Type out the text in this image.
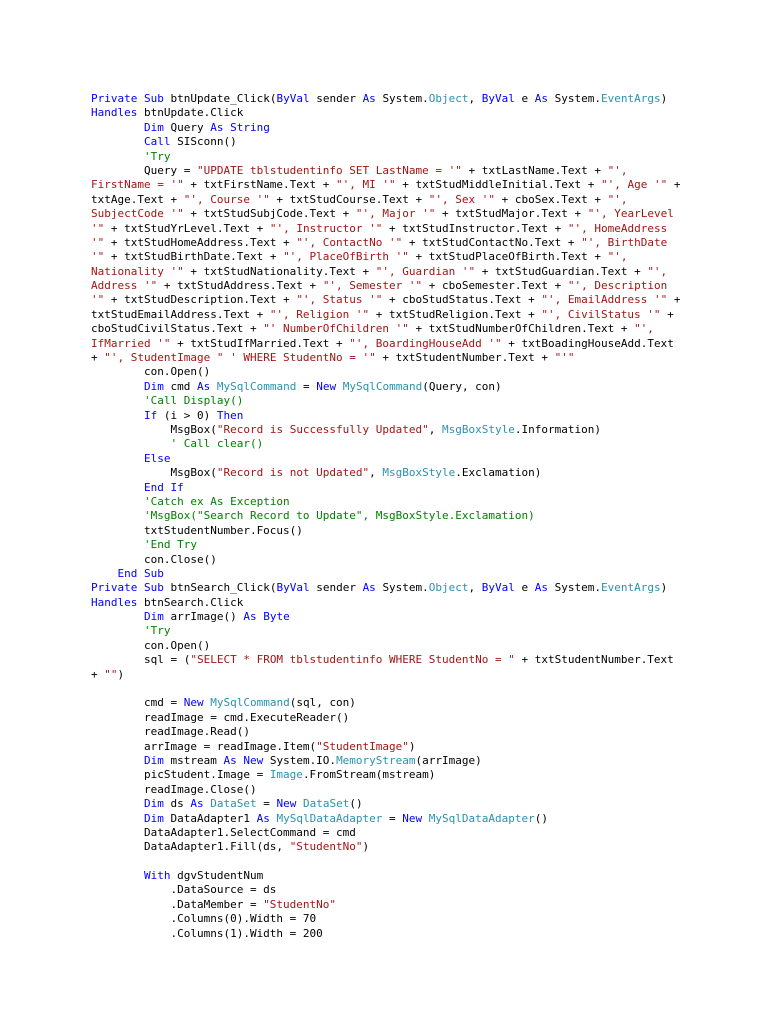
Private Sub btnUpdate_Click(ByVal sender As System.Object, ByVal e As System.EventArgs)
Handles btnUpdate.Click
Dim Query As String
Call SISconn()
'Try
Query = "UPDATE tblstudentinfo SET LastName = '" + txtLastName.Text + "',
FirstName = '" + txtFirstName.Text + "', MI '" + txtStudMiddleInitial.Text + "', Age '" +
txtAge.Text + "', Course '" + txtStudCourse.Text + "', Sex '" + cboSex.Text + "',
SubjectCode '" + txtStudSubjCode.Text + "', Major '" + txtStudMajor.Text + "', YearLevel
'" + txtStudYrLevel.Text + "', Instructor '" + txtStudInstructor.Text + "', HomeAddress
'" + txtStudHomeAddress.Text + "', ContactNo '" + txtStudContactNo.Text + "', BirthDate
'" + txtStudBirthDate.Text + "', PlaceOfBirth '" + txtStudPlaceOfBirth.Text + "',
Nationality '" + txtStudNationality.Text + "', Guardian '" + txtStudGuardian.Text + "',
Address '" + txtStudAddress.Text + "', Semester '" + cboSemester.Text + "', Description
'" + txtStudDescription.Text + "', Status '" + cboStudStatus.Text + "', EmailAddress '" +
txtStudEmailAddress.Text + "', Religion '" + txtStudReligion.Text + "', CivilStatus '" +
cboStudCivilStatus.Text + "' NumberOfChildren '" + txtStudNumberOfChildren.Text + "',
IfMarried '" + txtStudIfMarried.Text + "', BoardingHouseAdd '" + txtBoadingHouseAdd.Text
+ "', StudentImage " ' WHERE StudentNo = '" + txtStudentNumber.Text + "'"
con.Open()
Dim cmd As MySqlCommand = New MySqlCommand(Query, con)
'Call Display()
If (i > 0) Then
MsgBox("Record is Successfully Updated", MsgBoxStyle.Information)
' Call clear()
Else
MsgBox("Record is not Updated", MsgBoxStyle.Exclamation)
End If
'Catch ex As Exception
'MsgBox("Search Record to Update", MsgBoxStyle.Exclamation)
txtStudentNumber.Focus()
'End Try
con.Close()
End Sub
Private Sub btnSearch_Click(ByVal sender As System.Object, ByVal e As System.EventArgs)
Handles btnSearch.Click
Dim arrImage() As Byte
'Try
con.Open()
sql = ("SELECT * FROM tblstudentinfo WHERE StudentNo = " + txtStudentNumber.Text
+ "")

cmd = New MySqlCommand(sql, con)
readImage = cmd.ExecuteReader()
readImage.Read()
arrImage = readImage.Item("StudentImage")
Dim mstream As New System.IO.MemoryStream(arrImage)
picStudent.Image = Image.FromStream(mstream)
readImage.Close()
Dim ds As DataSet = New DataSet()
Dim DataAdapter1 As MySqlDataAdapter = New MySqlDataAdapter()
DataAdapter1.SelectCommand = cmd
DataAdapter1.Fill(ds, "StudentNo")

With dgvStudentNum
.DataSource = ds
.DataMember = "StudentNo"
.Columns(0).Width = 70
.Columns(1).Width = 200
